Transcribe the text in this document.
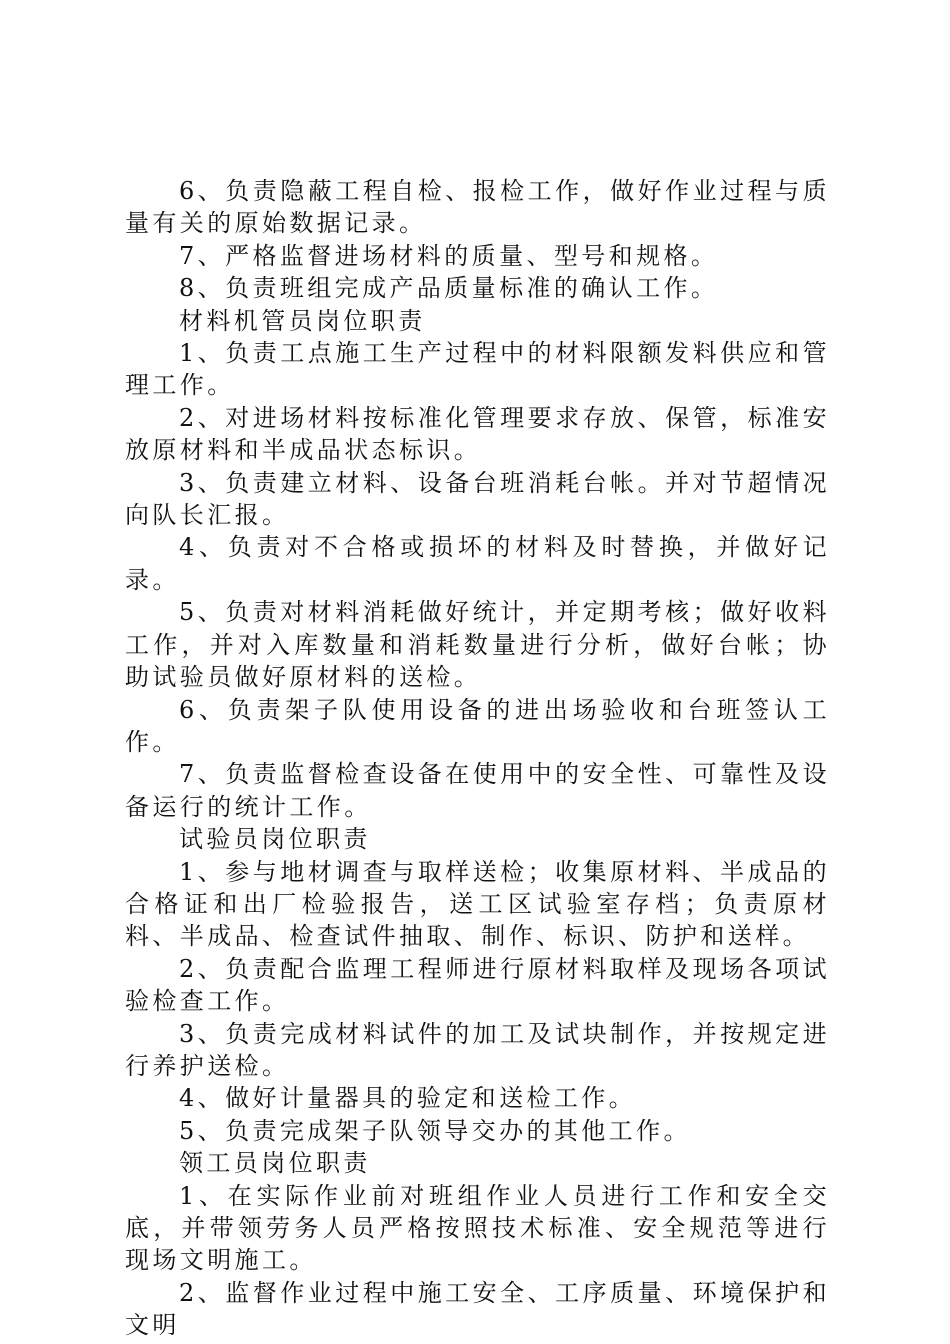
6、负责隐蔽工程自检、报检工作，做好作业过程与质量有关的原始数据记录。

7、严格监督进场材料的质量、型号和规格。

8、负责班组完成产品质量标准的确认工作。

材料机管员岗位职责

1、负责工点施工生产过程中的材料限额发料供应和管理工作。

2、对进场材料按标准化管理要求存放、保管，标准安放原材料和半成品状态标识。

3、负责建立材料、设备台班消耗台帐。并对节超情况向队长汇报。

4、负责对不合格或损坏的材料及时替换，并做好记录。

5、负责对材料消耗做好统计，并定期考核；做好收料工作，并对入库数量和消耗数量进行分析，做好台帐；协助试验员做好原材料的送检。

6、负责架子队使用设备的进出场验收和台班签认工作。

7、负责监督检查设备在使用中的安全性、可靠性及设备运行的统计工作。

试验员岗位职责

1、参与地材调查与取样送检；收集原材料、半成品的合格证和出厂检验报告，送工区试验室存档；负责原材料、半成品、检查试件抽取、制作、标识、防护和送样。

2、负责配合监理工程师进行原材料取样及现场各项试验检查工作。

3、负责完成材料试件的加工及试块制作，并按规定进行养护送检。

4、做好计量器具的验定和送检工作。

5、负责完成架子队领导交办的其他工作。

领工员岗位职责

1、在实际作业前对班组作业人员进行工作和安全交底，并带领劳务人员严格按照技术标准、安全规范等进行现场文明施工。

2、监督作业过程中施工安全、工序质量、环境保护和文明
